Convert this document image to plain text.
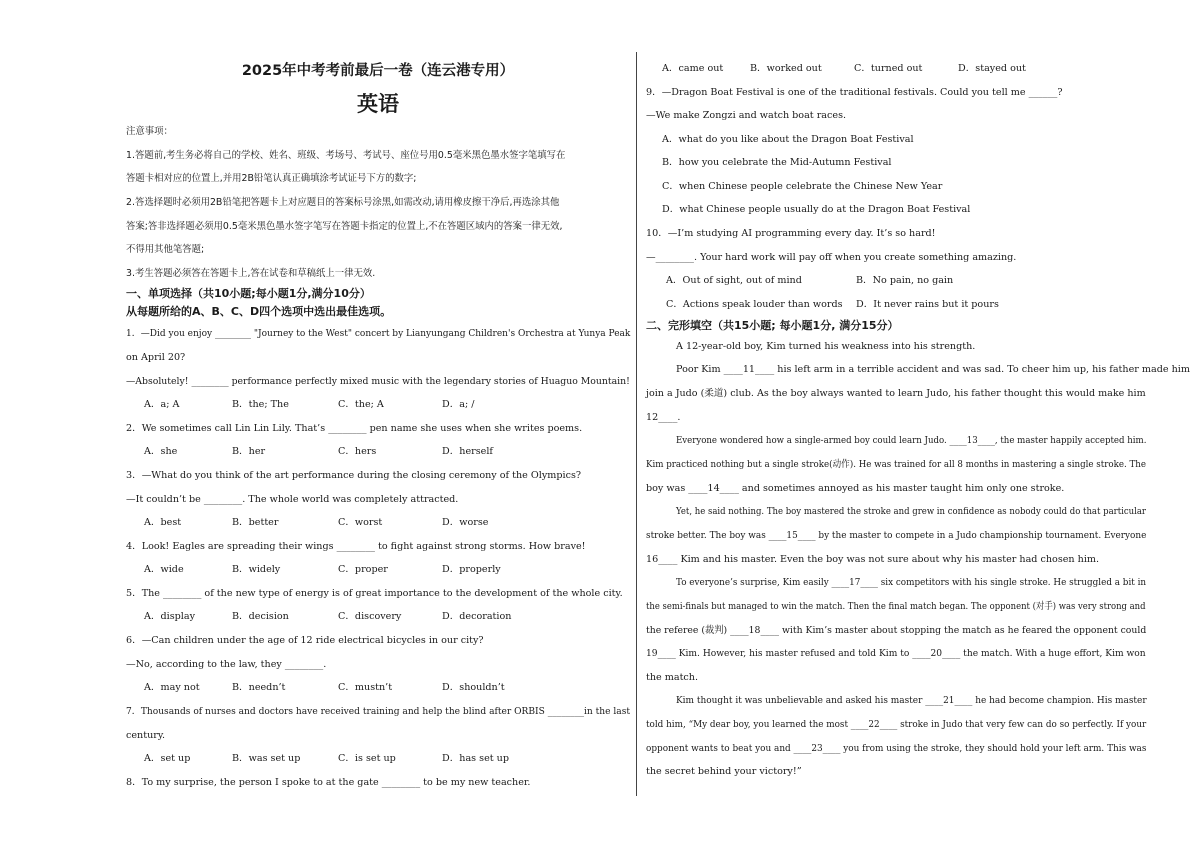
2025年中考考前最后一卷（连云港专用）
英语
注意事项：
1.答题前,考生务必将自己的学校、姓名、班级、考场号、考试号、座位号用0.5毫米黑色墨水签字笔填写在
答题卡相对应的位置上,并用2B铅笔认真正确填涂考试证号下方的数字;
2.答选择题时必须用2B铅笔把答题卡上对应题目的答案标号涂黑,如需改动,请用橡皮擦干净后,再选涂其他
答案;答非选择题必须用0.5毫米黑色墨水签字笔写在答题卡指定的位置上,不在答题区域内的答案一律无效,
不得用其他笔答题;
3.考生答题必须答在答题卡上,答在试卷和草稿纸上一律无效.
一、单项选择（共10小题;每小题1分,满分10分）
从每题所给的A、B、C、D四个选项中选出最佳选项。
1．—Did you enjoy ________ "Journey to the West" concert by Lianyungang Children's Orchestra at Yunya Peak
on April 20?
—Absolutely! ________ performance perfectly mixed music with the legendary stories of Huaguo Mountain!
A．a; A	B．the; The	C．the; A	D．a; /
2．We sometimes call Lin Lin Lily. That’s ________ pen name she uses when she writes poems.
A．she	B．her	C．hers	D．herself
3．—What do you think of the art performance during the closing ceremony of the Olympics?
—It couldn’t be ________. The whole world was completely attracted.
A．best	B．better	C．worst	D．worse
4．Look! Eagles are spreading their wings ________ to fight against strong storms. How brave!
A．wide	B．widely	C．proper	D．properly
5．The ________ of the new type of energy is of great importance to the development of the whole city.
A．display	B．decision	C．discovery	D．decoration
6．—Can children under the age of 12 ride electrical bicycles in our city?
—No, according to the law, they ________.
A．may not	B．needn’t	C．mustn’t	D．shouldn’t
7．Thousands of nurses and doctors have received training and help the blind after ORBIS ________in the last
century.
A．set up	B．was set up	C．is set up	D．has set up
8．To my surprise, the person I spoke to at the gate ________ to be my new teacher.
A．came out	B．worked out	C．turned out	D．stayed out
9．—Dragon Boat Festival is one of the traditional festivals. Could you tell me ______?
—We make Zongzi and watch boat races.
A．what do you like about the Dragon Boat Festival
B．how you celebrate the Mid-Autumn Festival
C．when Chinese people celebrate the Chinese New Year
D．what Chinese people usually do at the Dragon Boat Festival
10．—I’m studying AI programming every day. It’s so hard!
—________. Your hard work will pay off when you create something amazing.
A．Out of sight, out of mind	B．No pain, no gain
C．Actions speak louder than words D．It never rains but it pours
二、完形填空（共15小题; 每小题1分, 满分15分）
A 12-year-old boy, Kim turned his weakness into his strength.
Poor Kim ____11____ his left arm in a terrible accident and was sad. To cheer him up, his father made him
join a Judo (柔道) club. As the boy always wanted to learn Judo, his father thought this would make him
12____.
Everyone wondered how a single-armed boy could learn Judo. ____13____, the master happily accepted him.
Kim practiced nothing but a single stroke(动作). He was trained for all 8 months in mastering a single stroke. The
boy was ____14____ and sometimes annoyed as his master taught him only one stroke.
Yet, he said nothing. The boy mastered the stroke and grew in confidence as nobody could do that particular
stroke better. The boy was ____15____ by the master to compete in a Judo championship tournament. Everyone
16____ Kim and his master. Even the boy was not sure about why his master had chosen him.
To everyone’s surprise, Kim easily ____17____ six competitors with his single stroke. He struggled a bit in
the semi-finals but managed to win the match. Then the final match began. The opponent (对手) was very strong and
the referee (裁判) ____18____ with Kim’s master about stopping the match as he feared the opponent could
19____ Kim. However, his master refused and told Kim to ____20____ the match. With a huge effort, Kim won
the match.
Kim thought it was unbelievable and asked his master ____21____ he had become champion. His master
told him, “My dear boy, you learned the most ____22____ stroke in Judo that very few can do so perfectly. If your
opponent wants to beat you and ____23____ you from using the stroke, they should hold your left arm. This was
the secret behind your victory!”
